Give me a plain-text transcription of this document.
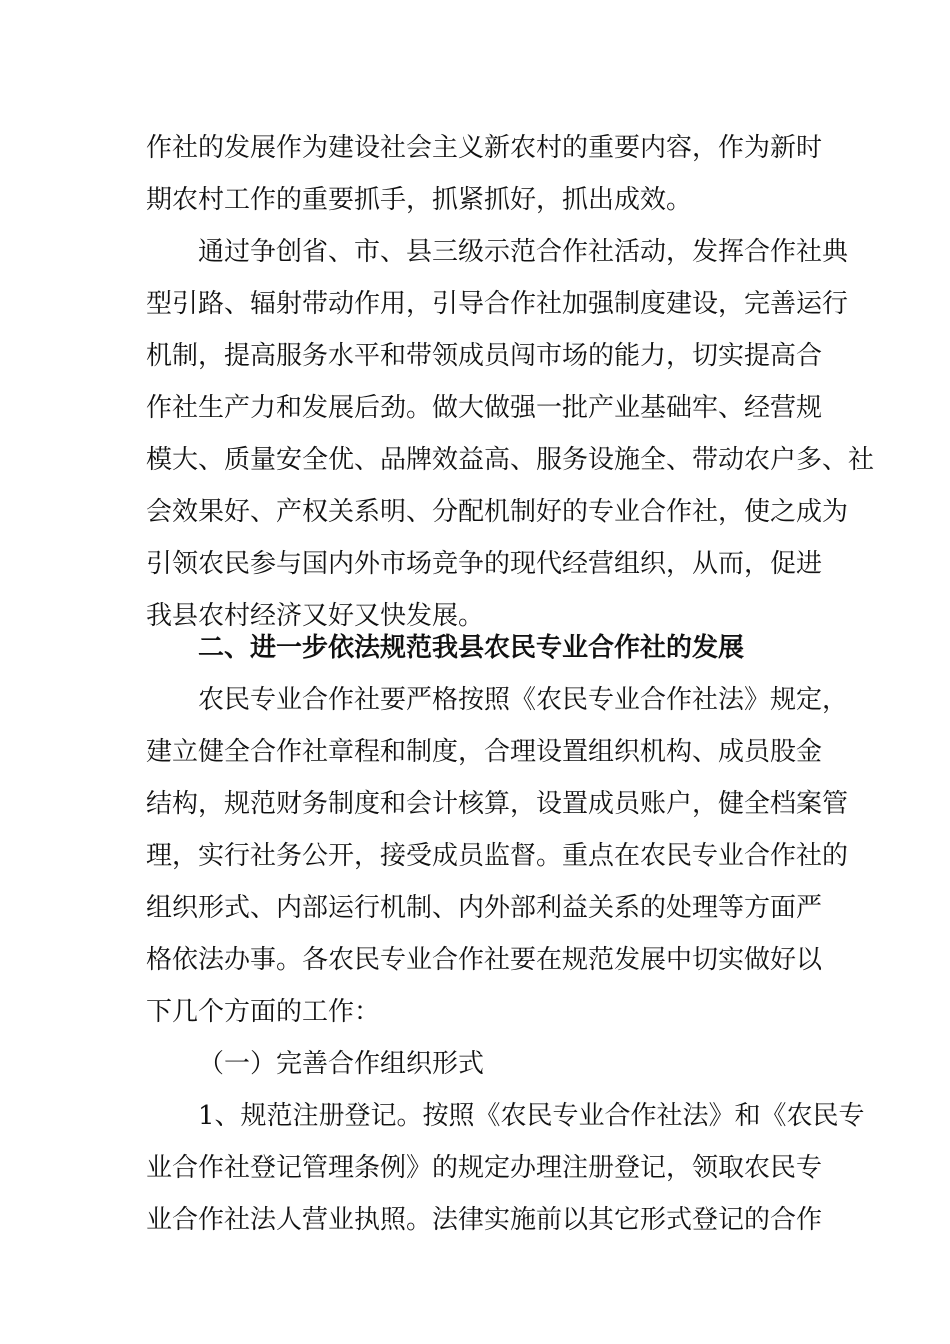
作社的发展作为建设社会主义新农村的重要内容，作为新时
期农村工作的重要抓手，抓紧抓好，抓出成效。
通过争创省、市、县三级示范合作社活动，发挥合作社典
型引路、辐射带动作用，引导合作社加强制度建设，完善运行
机制，提高服务水平和带领成员闯市场的能力，切实提高合
作社生产力和发展后劲。做大做强一批产业基础牢、经营规
模大、质量安全优、品牌效益高、服务设施全、带动农户多、社
会效果好、产权关系明、分配机制好的专业合作社，使之成为
引领农民参与国内外市场竞争的现代经营组织，从而，促进
我县农村经济又好又快发展。
二、进一步依法规范我县农民专业合作社的发展
农民专业合作社要严格按照《农民专业合作社法》规定，
建立健全合作社章程和制度，合理设置组织机构、成员股金
结构，规范财务制度和会计核算，设置成员账户，健全档案管
理，实行社务公开，接受成员监督。重点在农民专业合作社的
组织形式、内部运行机制、内外部利益关系的处理等方面严
格依法办事。各农民专业合作社要在规范发展中切实做好以
下几个方面的工作：
（一）完善合作组织形式
1、规范注册登记。按照《农民专业合作社法》和《农民专
业合作社登记管理条例》的规定办理注册登记，领取农民专
业合作社法人营业执照。法律实施前以其它形式登记的合作
